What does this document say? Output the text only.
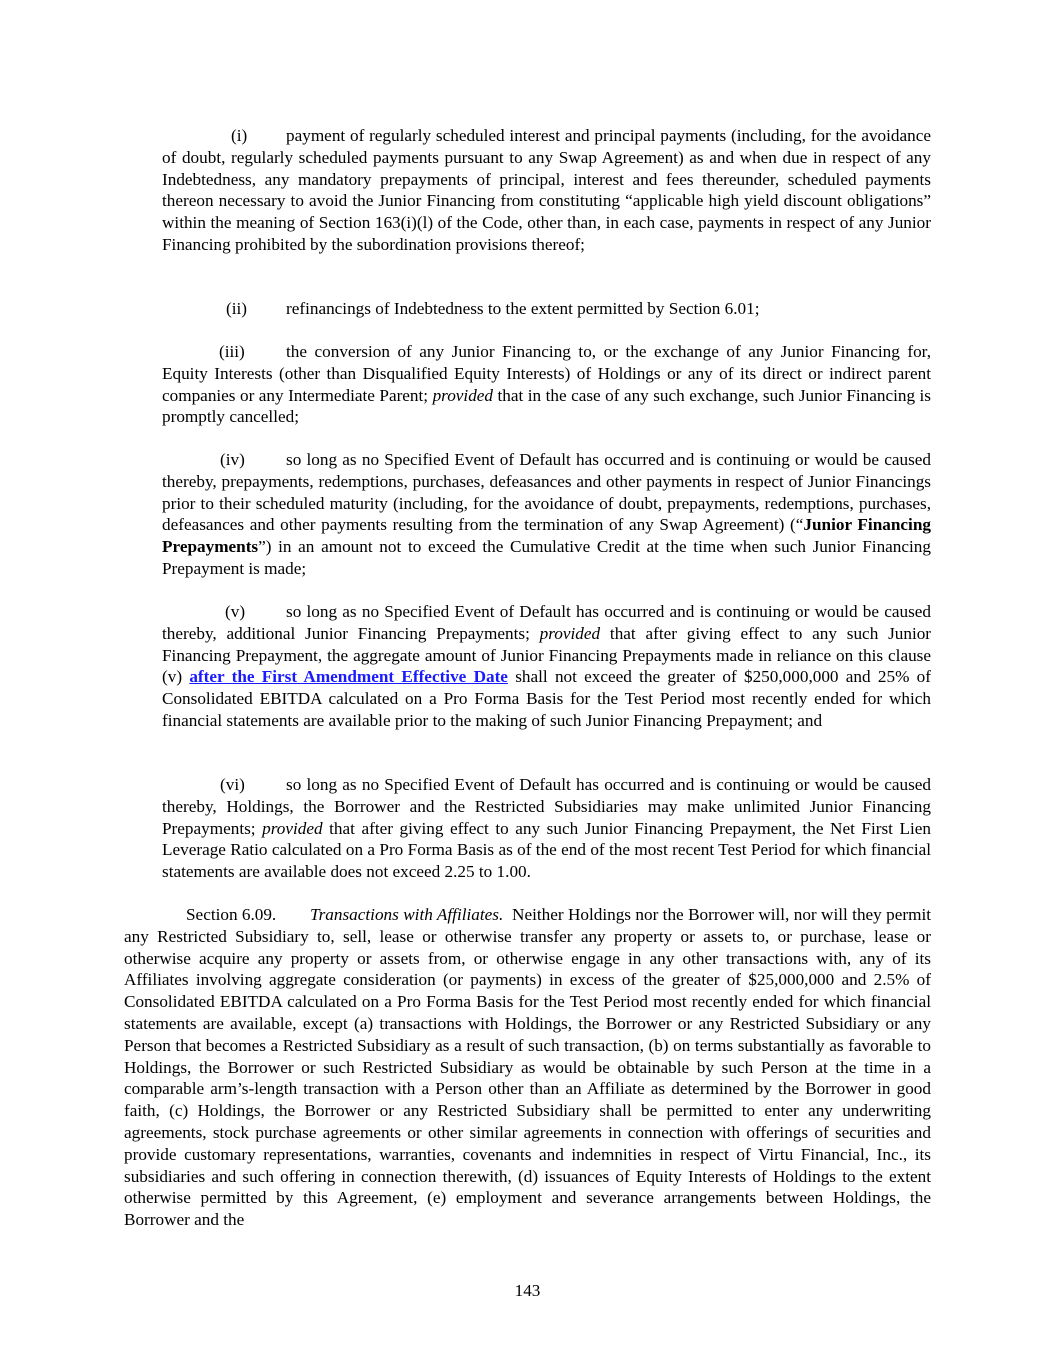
(i) payment of regularly scheduled interest and principal payments (including, for the avoidance of doubt, regularly scheduled payments pursuant to any Swap Agreement) as and when due in respect of any Indebtedness, any mandatory prepayments of principal, interest and fees thereunder, scheduled payments thereon necessary to avoid the Junior Financing from constituting “applicable high yield discount obligations” within the meaning of Section 163(i)(l) of the Code, other than, in each case, payments in respect of any Junior Financing prohibited by the subordination provisions thereof;

(ii) refinancings of Indebtedness to the extent permitted by Section 6.01;

(iii) the conversion of any Junior Financing to, or the exchange of any Junior Financing for, Equity Interests (other than Disqualified Equity Interests) of Holdings or any of its direct or indirect parent companies or any Intermediate Parent; provided that in the case of any such exchange, such Junior Financing is promptly cancelled;

(iv) so long as no Specified Event of Default has occurred and is continuing or would be caused thereby, prepayments, redemptions, purchases, defeasances and other payments in respect of Junior Financings prior to their scheduled maturity (including, for the avoidance of doubt, prepayments, redemptions, purchases, defeasances and other payments resulting from the termination of any Swap Agreement) (“Junior Financing Prepayments”) in an amount not to exceed the Cumulative Credit at the time when such Junior Financing Prepayment is made;

(v) so long as no Specified Event of Default has occurred and is continuing or would be caused thereby, additional Junior Financing Prepayments; provided that after giving effect to any such Junior Financing Prepayment, the aggregate amount of Junior Financing Prepayments made in reliance on this clause (v) after the First Amendment Effective Date shall not exceed the greater of $250,000,000 and 25% of Consolidated EBITDA calculated on a Pro Forma Basis for the Test Period most recently ended for which financial statements are available prior to the making of such Junior Financing Prepayment; and

(vi) so long as no Specified Event of Default has occurred and is continuing or would be caused thereby, Holdings, the Borrower and the Restricted Subsidiaries may make unlimited Junior Financing Prepayments; provided that after giving effect to any such Junior Financing Prepayment, the Net First Lien Leverage Ratio calculated on a Pro Forma Basis as of the end of the most recent Test Period for which financial statements are available does not exceed 2.25 to 1.00.

Section 6.09. Transactions with Affiliates. Neither Holdings nor the Borrower will, nor will they permit any Restricted Subsidiary to, sell, lease or otherwise transfer any property or assets to, or purchase, lease or otherwise acquire any property or assets from, or otherwise engage in any other transactions with, any of its Affiliates involving aggregate consideration (or payments) in excess of the greater of $25,000,000 and 2.5% of Consolidated EBITDA calculated on a Pro Forma Basis for the Test Period most recently ended for which financial statements are available, except (a) transactions with Holdings, the Borrower or any Restricted Subsidiary or any Person that becomes a Restricted Subsidiary as a result of such transaction, (b) on terms substantially as favorable to Holdings, the Borrower or such Restricted Subsidiary as would be obtainable by such Person at the time in a comparable arm’s-length transaction with a Person other than an Affiliate as determined by the Borrower in good faith, (c) Holdings, the Borrower or any Restricted Subsidiary shall be permitted to enter any underwriting agreements, stock purchase agreements or other similar agreements in connection with offerings of securities and provide customary representations, warranties, covenants and indemnities in respect of Virtu Financial, Inc., its subsidiaries and such offering in connection therewith, (d) issuances of Equity Interests of Holdings to the extent otherwise permitted by this Agreement, (e) employment and severance arrangements between Holdings, the Borrower and the

143
